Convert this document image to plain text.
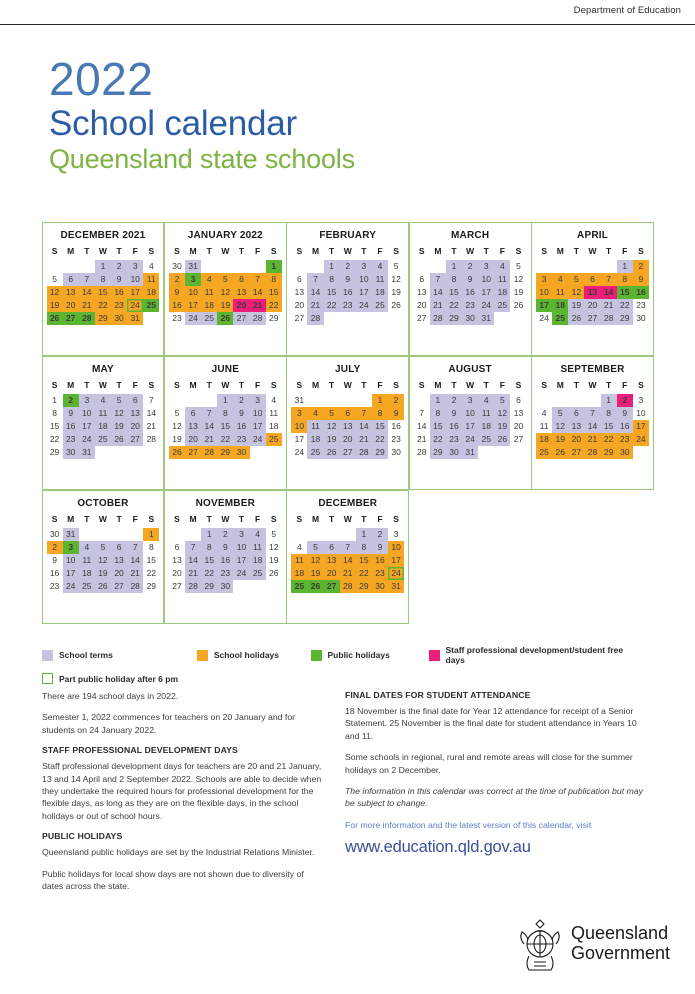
Department of Education
2022
School calendar
Queensland state schools
DECEMBER 2021
S	M	T	W	T	F	S
			1	2	3	4
5	6	7	8	9	10	11
12	13	14	15	16	17	18
19	20	21	22	23	24	25
26	27	28	29	30	31	
JANUARY 2022
S	M	T	W	T	F	S
30	31					1
2	3	4	5	6	7	8
9	10	11	12	13	14	15
16	17	18	19	20	21	22
23	24	25	26	27	28	29
FEBRUARY
S	M	T	W	T	F	S
		1	2	3	4	5
6	7	8	9	10	11	12
13	14	15	16	17	18	19
20	21	22	23	24	25	26
27	28					
MARCH
S	M	T	W	T	F	S
		1	2	3	4	5
6	7	8	9	10	11	12
13	14	15	16	17	18	19
20	21	22	23	24	25	26
27	28	29	30	31		
APRIL
S	M	T	W	T	F	S
					1	2
3	4	5	6	7	8	9
10	11	12	13	14	15	16
17	18	19	20	21	22	23
24	25	26	27	28	29	30
MAY
S	M	T	W	T	F	S
1	2	3	4	5	6	7
8	9	10	11	12	13	14
15	16	17	18	19	20	21
22	23	24	25	26	27	28
29	30	31				
JUNE
S	M	T	W	T	F	S
			1	2	3	4
5	6	7	8	9	10	11
12	13	14	15	16	17	18
19	20	21	22	23	24	25
26	27	28	29	30		
JULY
S	M	T	W	T	F	S
31					1	2
3	4	5	6	7	8	9
10	11	12	13	14	15	16
17	18	19	20	21	22	23
24	25	26	27	28	29	30
AUGUST
S	M	T	W	T	F	S
	1	2	3	4	5	6
7	8	9	10	11	12	13
14	15	16	17	18	19	20
21	22	23	24	25	26	27
28	29	30	31			
SEPTEMBER
S	M	T	W	T	F	S
				1	2	3
4	5	6	7	8	9	10
11	12	13	14	15	16	17
18	19	20	21	22	23	24
25	26	27	28	29	30	
OCTOBER
S	M	T	W	T	F	S
30	31					1
2	3	4	5	6	7	8
9	10	11	12	13	14	15
16	17	18	19	20	21	22
23	24	25	26	27	28	29
NOVEMBER
S	M	T	W	T	F	S
		1	2	3	4	5
6	7	8	9	10	11	12
13	14	15	16	17	18	19
20	21	22	23	24	25	26
27	28	29	30			
DECEMBER
S	M	T	W	T	F	S
				1	2	3
4	5	6	7	8	9	10
11	12	13	14	15	16	17
18	19	20	21	22	23	24
25	26	27	28	29	30	31
School terms	School holidays	Public holidays	Staff professional development/student free days
Part public holiday after 6 pm

There are 194 school days in 2022.

Semester 1, 2022 commences for teachers on 20 January and for students on 24 January 2022.

STAFF PROFESSIONAL DEVELOPMENT DAYS

Staff professional development days for teachers are 20 and 21 January, 13 and 14 April and 2 September 2022. Schools are able to decide when they undertake the required hours for professional development for the flexible days, as long as they are on the flexible days, in the school holidays or out of school hours.

PUBLIC HOLIDAYS

Queensland public holidays are set by the Industrial Relations Minister.

Public holidays for local show days are not shown due to diversity of dates across the state.

FINAL DATES FOR STUDENT ATTENDANCE

18 November is the final date for Year 12 attendance for receipt of a Senior Statement. 25 November is the final date for student attendance in Years 10 and 11.

Some schools in regional, rural and remote areas will close for the summer holidays on 2 December.

The information in this calendar was correct at the time of publication but may be subject to change.

For more information and the latest version of this calendar, visit

www.education.qld.gov.au
Queensland
Government
